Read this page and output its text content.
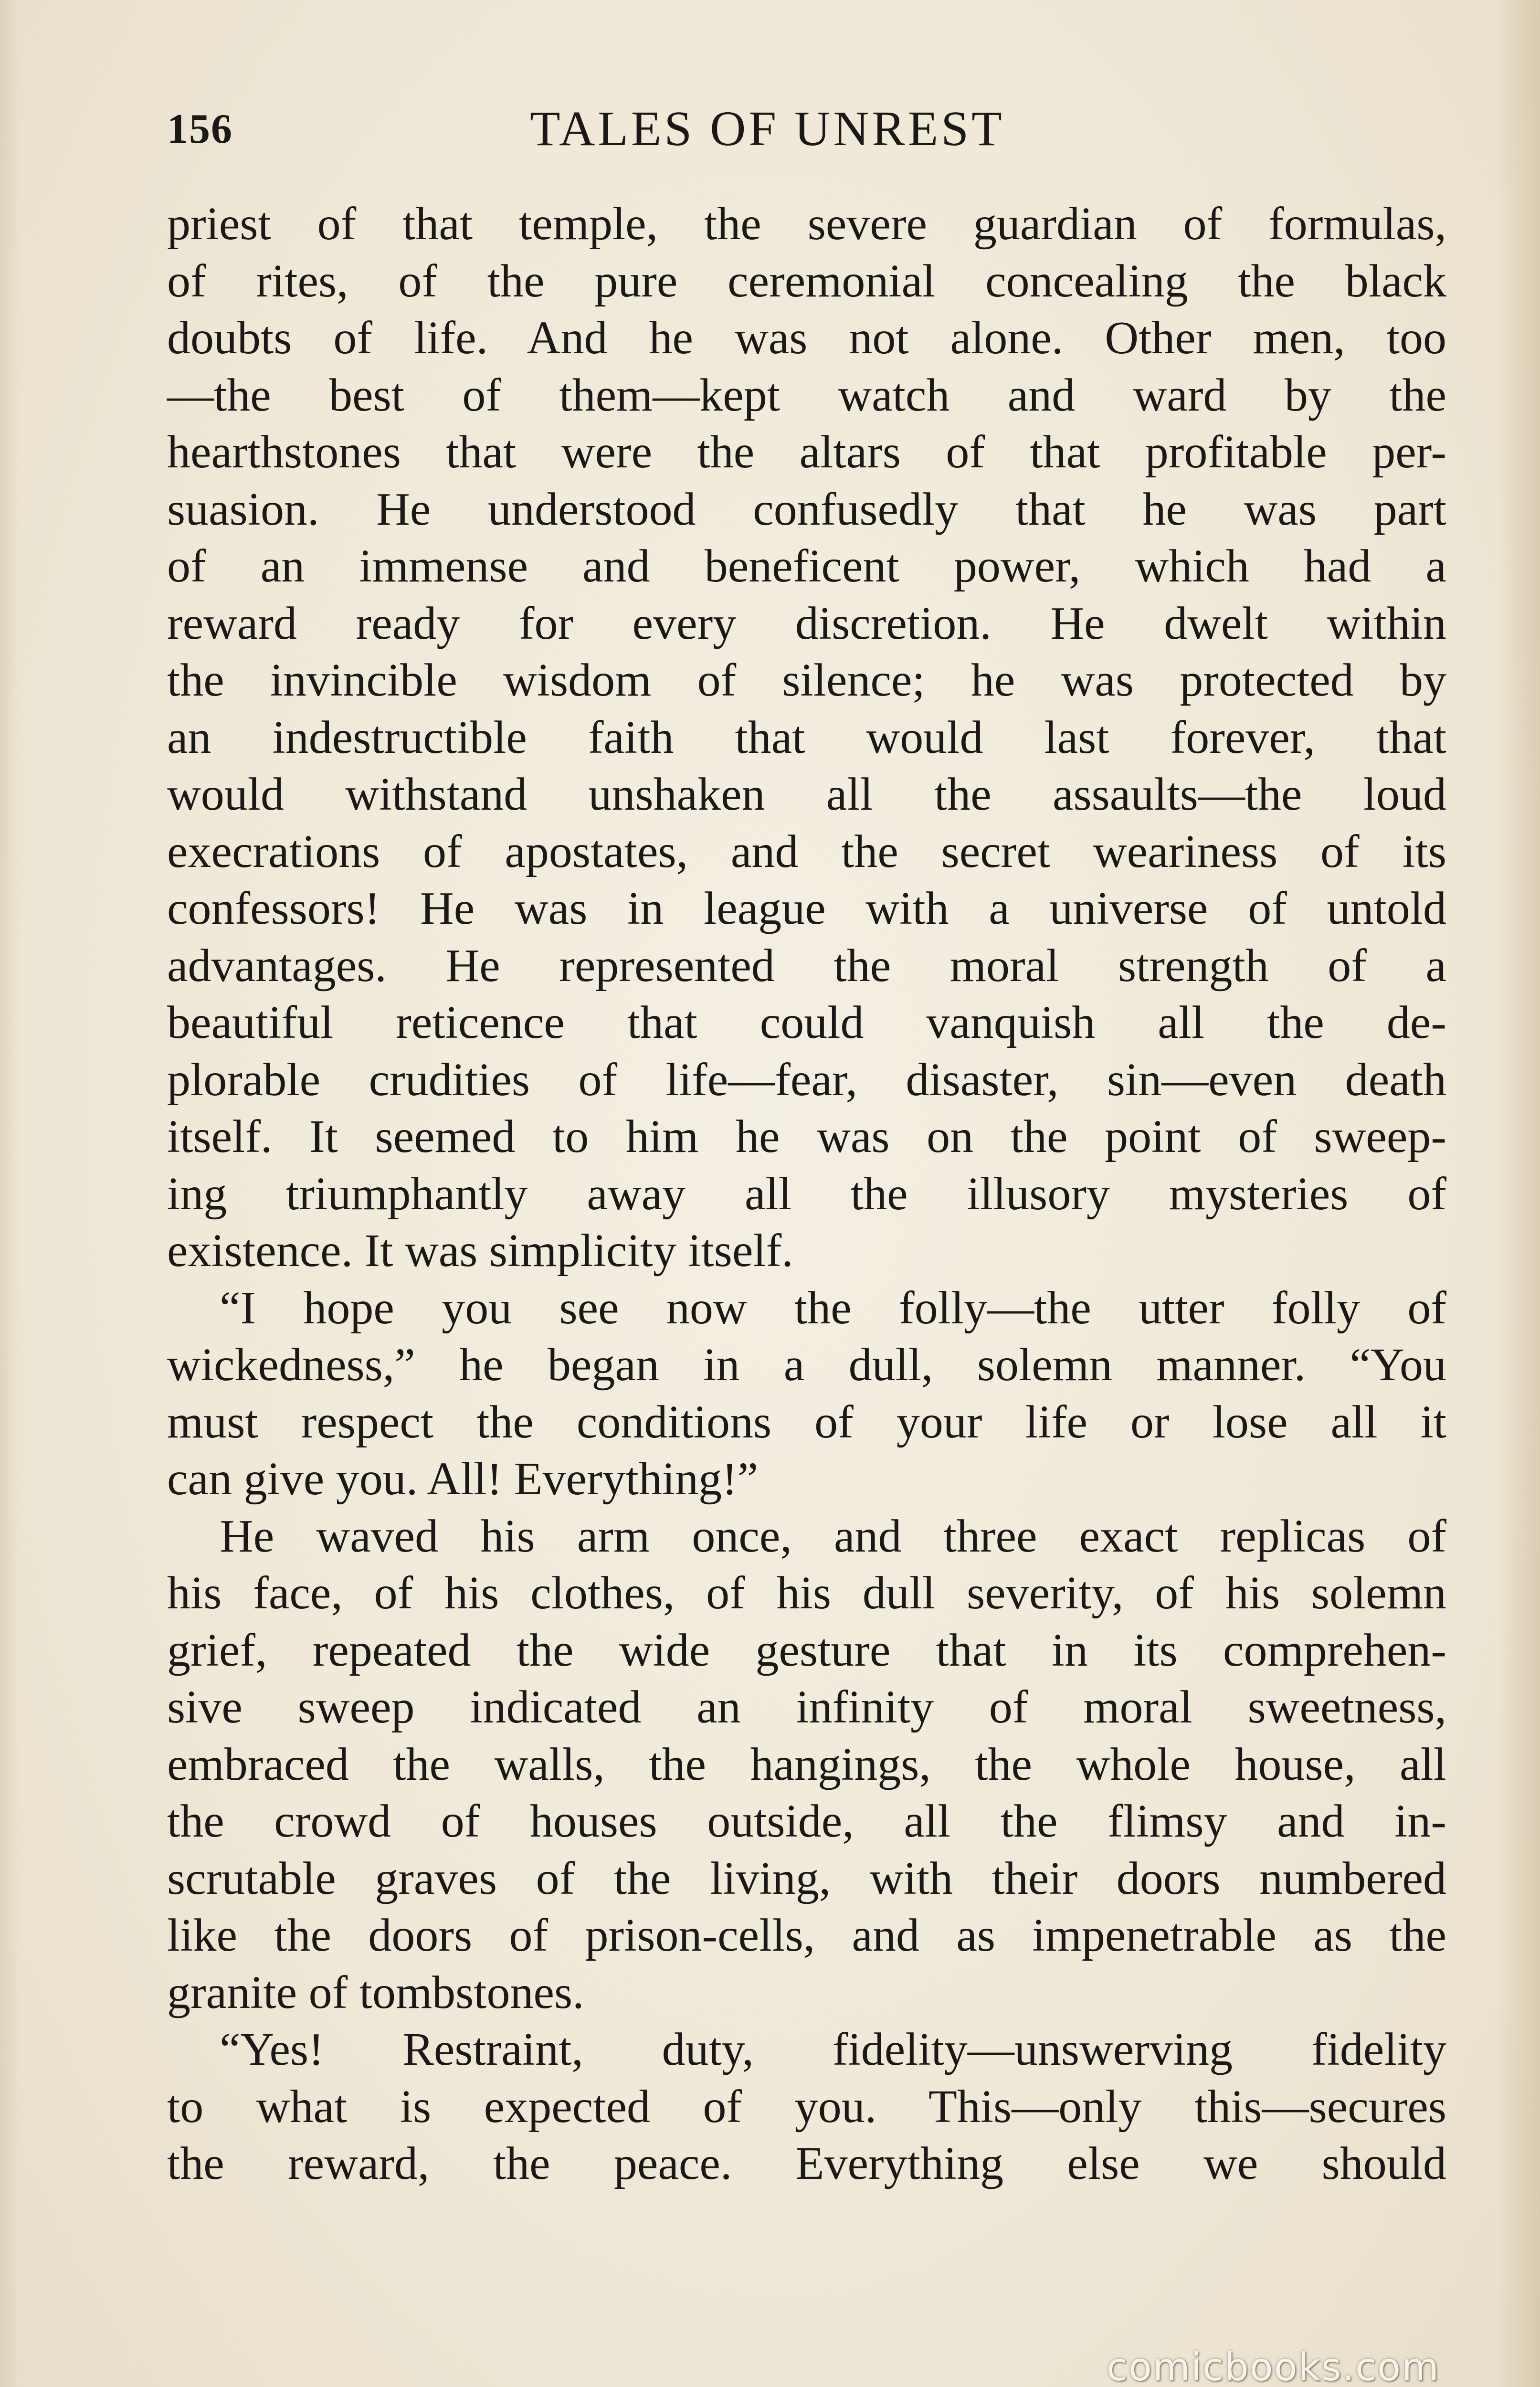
156	TALES OF UNREST
priest of that temple, the severe guardian of formulas,
of rites, of the pure ceremonial concealing the black
doubts of life. And he was not alone. Other men, too
—the best of them—kept watch and ward by the
hearthstones that were the altars of that profitable per-
suasion. He understood confusedly that he was part
of an immense and beneficent power, which had a
reward ready for every discretion. He dwelt within
the invincible wisdom of silence; he was protected by
an indestructible faith that would last forever, that
would withstand unshaken all the assaults—the loud
execrations of apostates, and the secret weariness of its
confessors! He was in league with a universe of untold
advantages. He represented the moral strength of a
beautiful reticence that could vanquish all the de-
plorable crudities of life—fear, disaster, sin—even death
itself. It seemed to him he was on the point of sweep-
ing triumphantly away all the illusory mysteries of
existence. It was simplicity itself.
“I hope you see now the folly—the utter folly of
wickedness,” he began in a dull, solemn manner. “You
must respect the conditions of your life or lose all it
can give you. All! Everything!”
He waved his arm once, and three exact replicas of
his face, of his clothes, of his dull severity, of his solemn
grief, repeated the wide gesture that in its comprehen-
sive sweep indicated an infinity of moral sweetness,
embraced the walls, the hangings, the whole house, all
the crowd of houses outside, all the flimsy and in-
scrutable graves of the living, with their doors numbered
like the doors of prison-cells, and as impenetrable as the
granite of tombstones.
“Yes! Restraint, duty, fidelity—unswerving fidelity
to what is expected of you. This—only this—secures
the reward, the peace. Everything else we should
comicbooks.com
